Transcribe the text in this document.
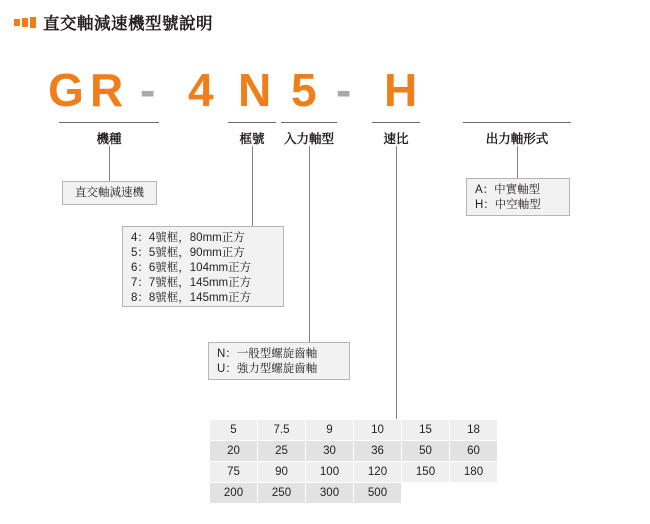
直交軸減速機型號說明
G R - 4 N 5 - H
機種	框號	入力軸型	速比	出力軸形式
直交軸減速機
4：4號框，80mm正方
5：5號框，90mm正方
6：6號框，104mm正方
7：7號框，145mm正方
8：8號框，145mm正方
N：一般型螺旋齒軸
U：強力型螺旋齒軸
A：中實軸型
H：中空軸型
5	7.5	9	10	15	18
20	25	30	36	50	60
75	90	100	120	150	180
200	250	300	500		
